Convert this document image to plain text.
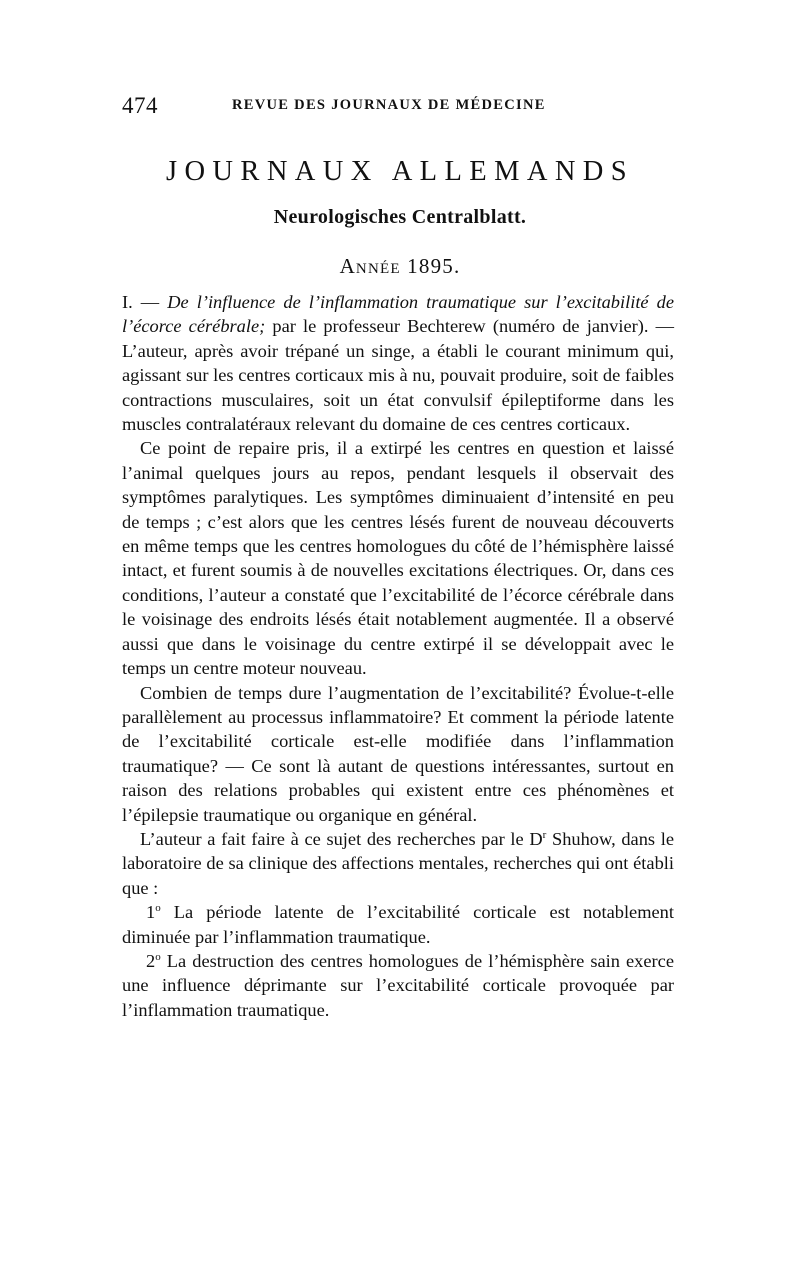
474	REVUE DES JOURNAUX DE MÉDECINE
JOURNAUX ALLEMANDS
Neurologisches Centralblatt.
Année 1895.

I. — De l’influence de l’inflammation traumatique sur l’excitabilité de l’écorce cérébrale; par le professeur Bechterew (numéro de janvier). — L’auteur, après avoir trépané un singe, a établi le courant minimum qui, agissant sur les centres corticaux mis à nu, pouvait produire, soit de faibles contractions musculaires, soit un état convulsif épileptiforme dans les muscles contralatéraux relevant du domaine de ces centres corticaux.

Ce point de repaire pris, il a extirpé les centres en question et laissé l’animal quelques jours au repos, pendant lesquels il observait des symptômes paralytiques. Les symptômes diminuaient d’intensité en peu de temps ; c’est alors que les centres lésés furent de nouveau découverts en même temps que les centres homologues du côté de l’hémisphère laissé intact, et furent soumis à de nouvelles excitations électriques. Or, dans ces conditions, l’auteur a constaté que l’excitabilité de l’écorce cérébrale dans le voisinage des endroits lésés était notablement augmentée. Il a observé aussi que dans le voisinage du centre extirpé il se développait avec le temps un centre moteur nouveau.

Combien de temps dure l’augmentation de l’excitabilité? Évolue-t-elle parallèlement au processus inflammatoire? Et comment la période latente de l’excitabilité corticale est-elle modifiée dans l’inflammation traumatique? — Ce sont là autant de questions intéressantes, surtout en raison des relations probables qui existent entre ces phénomènes et l’épilepsie traumatique ou organique en général.

L’auteur a fait faire à ce sujet des recherches par le $D^r$ Shuhow, dans le laboratoire de sa clinique des affections mentales, recherches qui ont établi que :

1$^o$ La période latente de l’excitabilité corticale est notablement diminuée par l’inflammation traumatique.

2$^o$ La destruction des centres homologues de l’hémisphère sain exerce une influence déprimante sur l’excitabilité corticale provoquée par l’inflammation traumatique.
